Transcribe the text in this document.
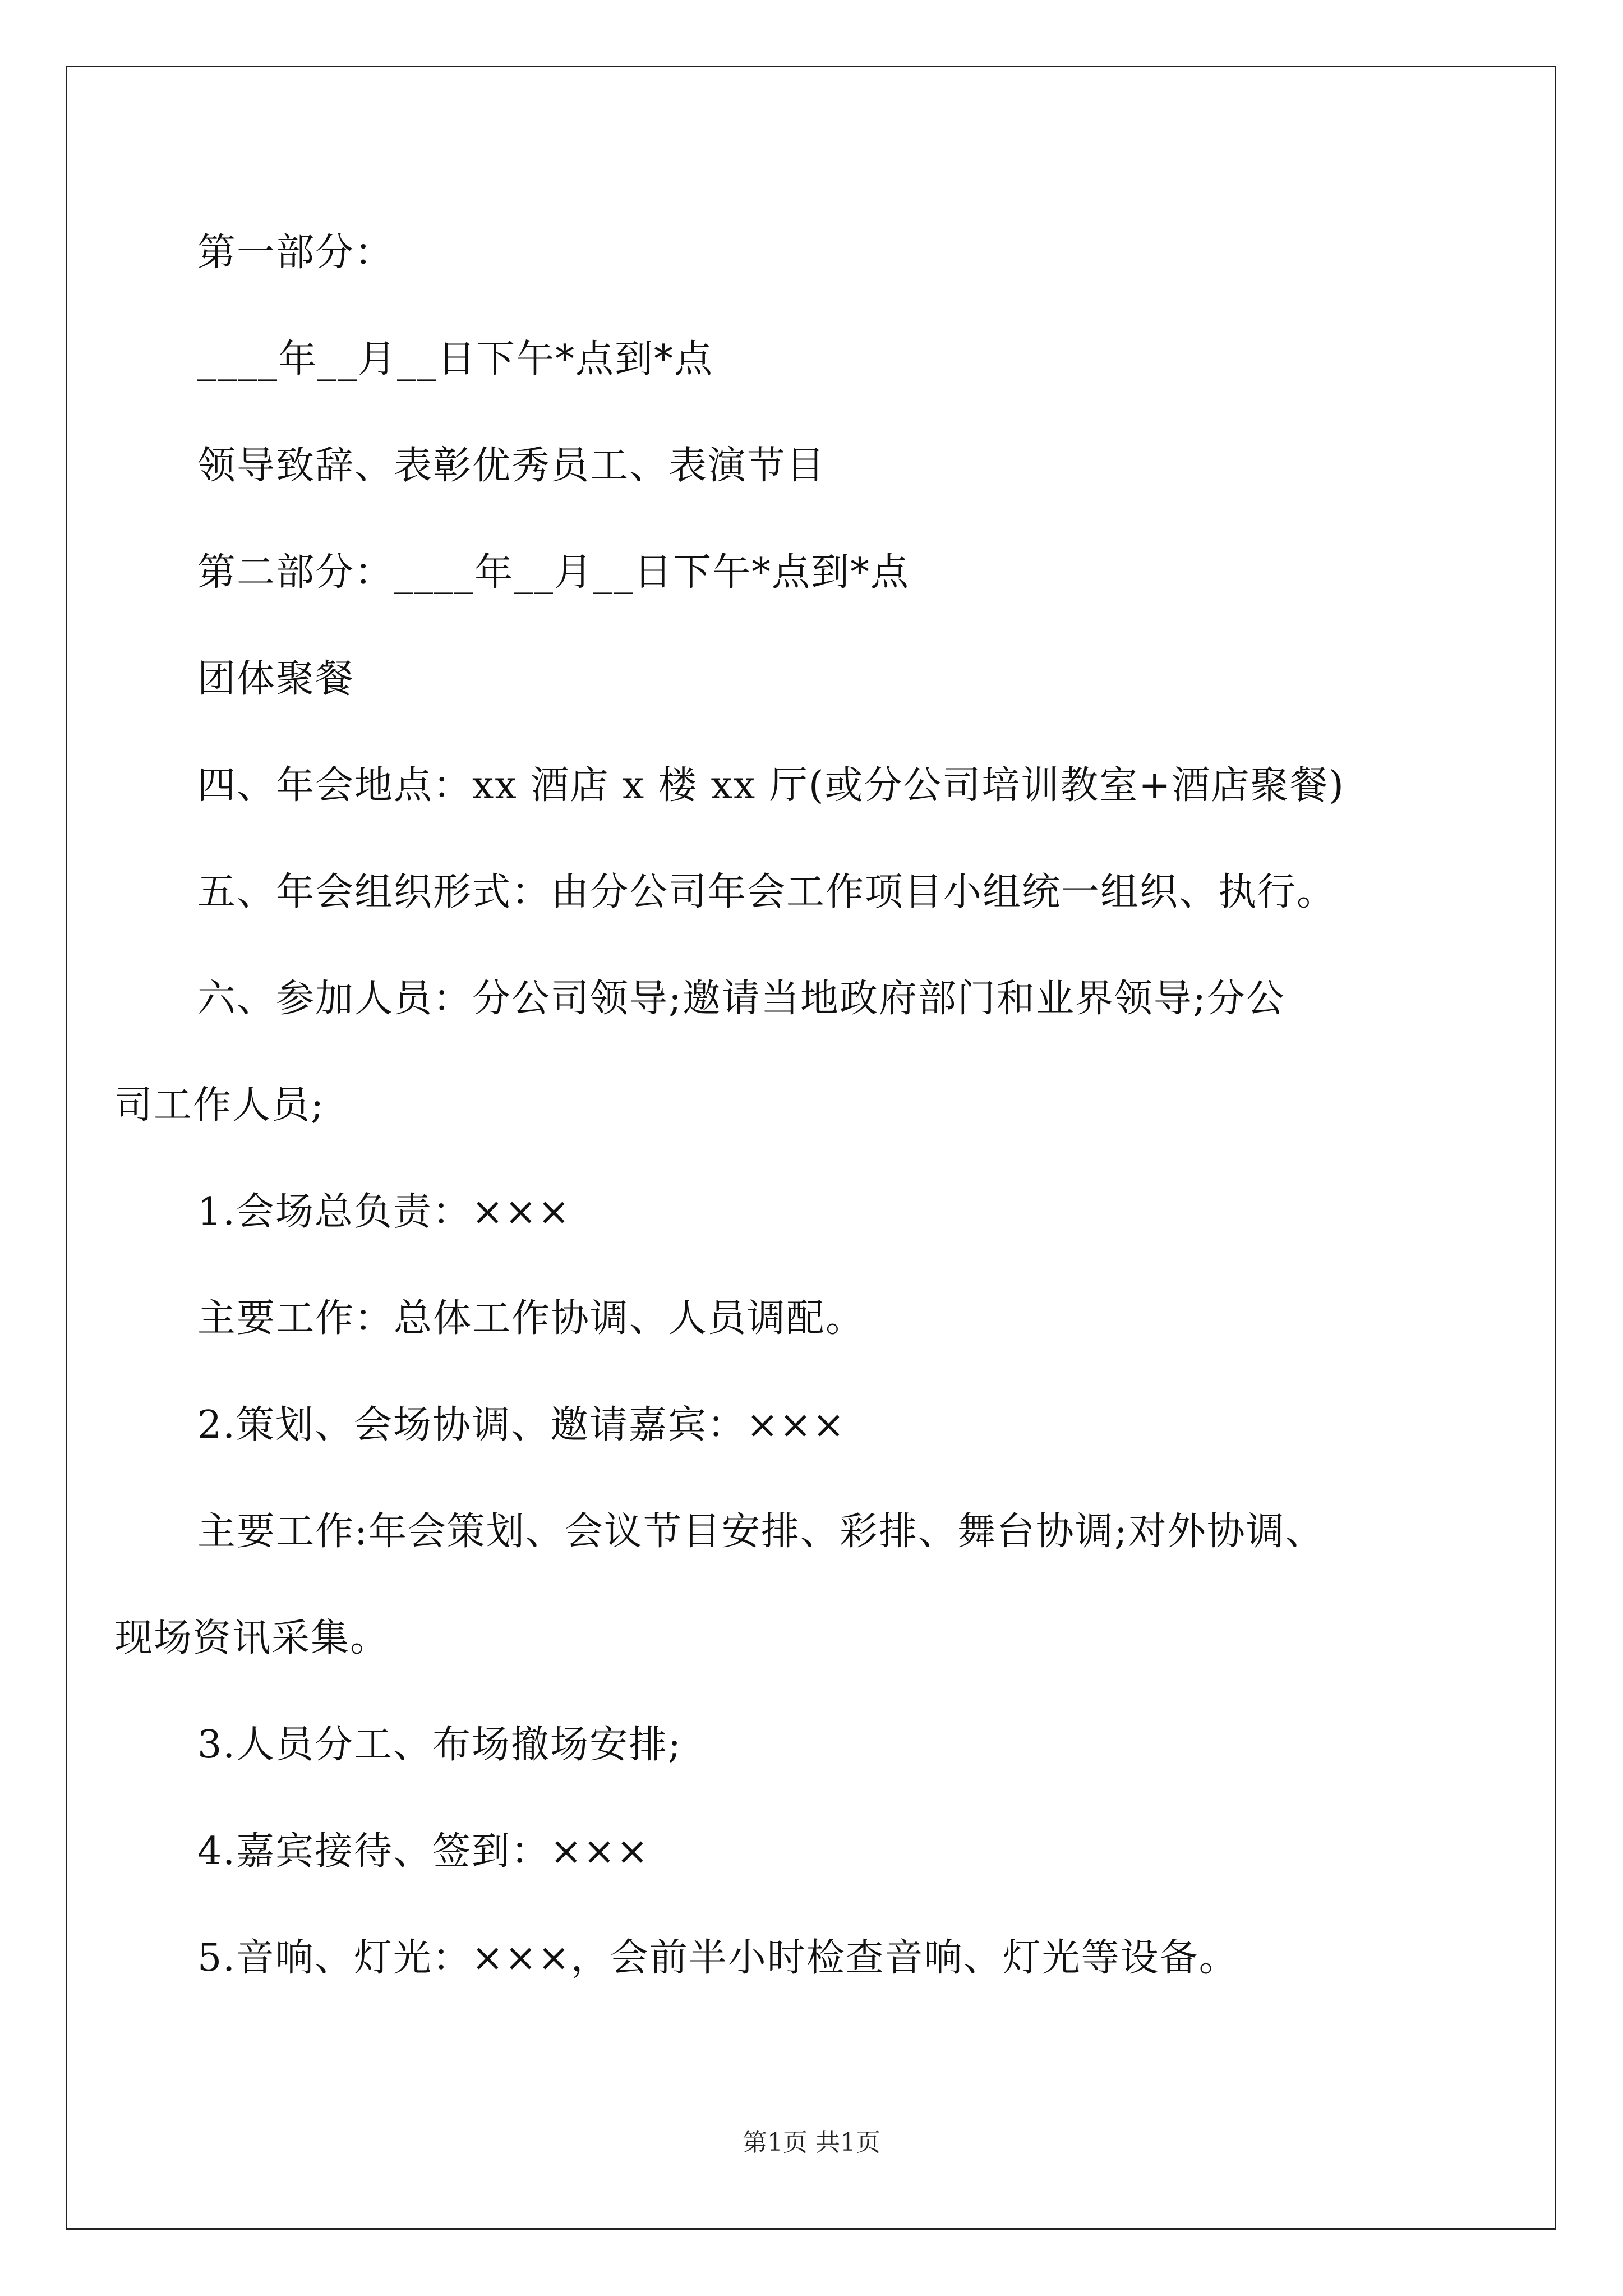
第一部分：
____年__月__日下午*点到*点
领导致辞、表彰优秀员工、表演节目
第二部分：____年__月__日下午*点到*点
团体聚餐
四、年会地点：xx 酒店 x 楼 xx 厅(或分公司培训教室+酒店聚餐)
五、年会组织形式：由分公司年会工作项目小组统一组织、执行。
六、参加人员：分公司领导;邀请当地政府部门和业界领导;分公
司工作人员;
1.会场总负责：×××
主要工作：总体工作协调、人员调配。
2.策划、会场协调、邀请嘉宾：×××
主要工作:年会策划、会议节目安排、彩排、舞台协调;对外协调、
现场资讯采集。
3.人员分工、布场撤场安排;
4.嘉宾接待、签到：×××
5.音响、灯光：×××，会前半小时检查音响、灯光等设备。
第1页 共1页
